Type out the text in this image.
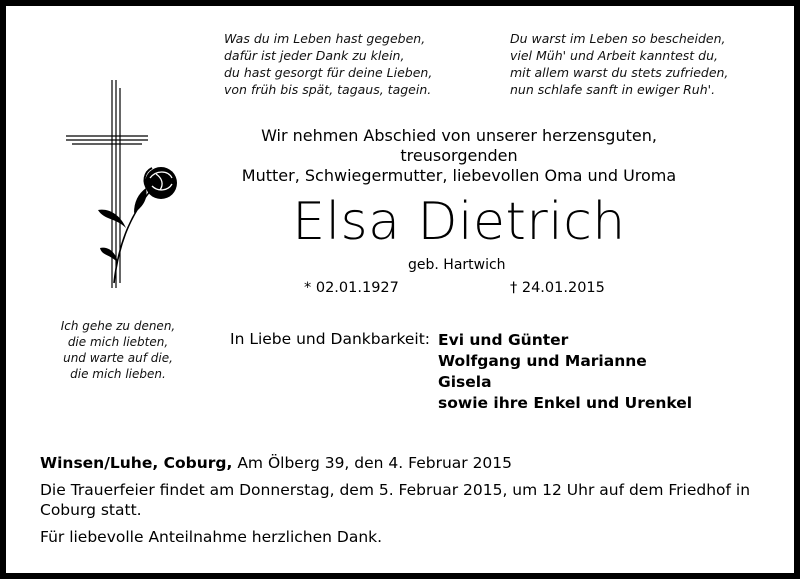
Was du im Leben hast gegeben,
dafür ist jeder Dank zu klein,
du hast gesorgt für deine Lieben,
von früh bis spät, tagaus, tagein.
Du warst im Leben so bescheiden,
viel Müh' und Arbeit kanntest du,
mit allem warst du stets zufrieden,
nun schlafe sanft in ewiger Ruh'.
Ich gehe zu denen,
die mich liebten,
und warte auf die,
die mich lieben.
Wir nehmen Abschied von unserer herzensguten, treusorgenden
Mutter, Schwiegermutter, liebevollen Oma und Uroma
Elsa Dietrich
geb. Hartwich
* 02.01.1927	† 24.01.2015
In Liebe und Dankbarkeit: Evi und Günter
Wolfgang und Marianne
Gisela
sowie ihre Enkel und Urenkel
Winsen/Luhe, Coburg, Am Ölberg 39, den 4. Februar 2015
Die Trauerfeier findet am Donnerstag, dem 5. Februar 2015, um 12 Uhr auf dem Friedhof in Coburg statt.
Für liebevolle Anteilnahme herzlichen Dank.
